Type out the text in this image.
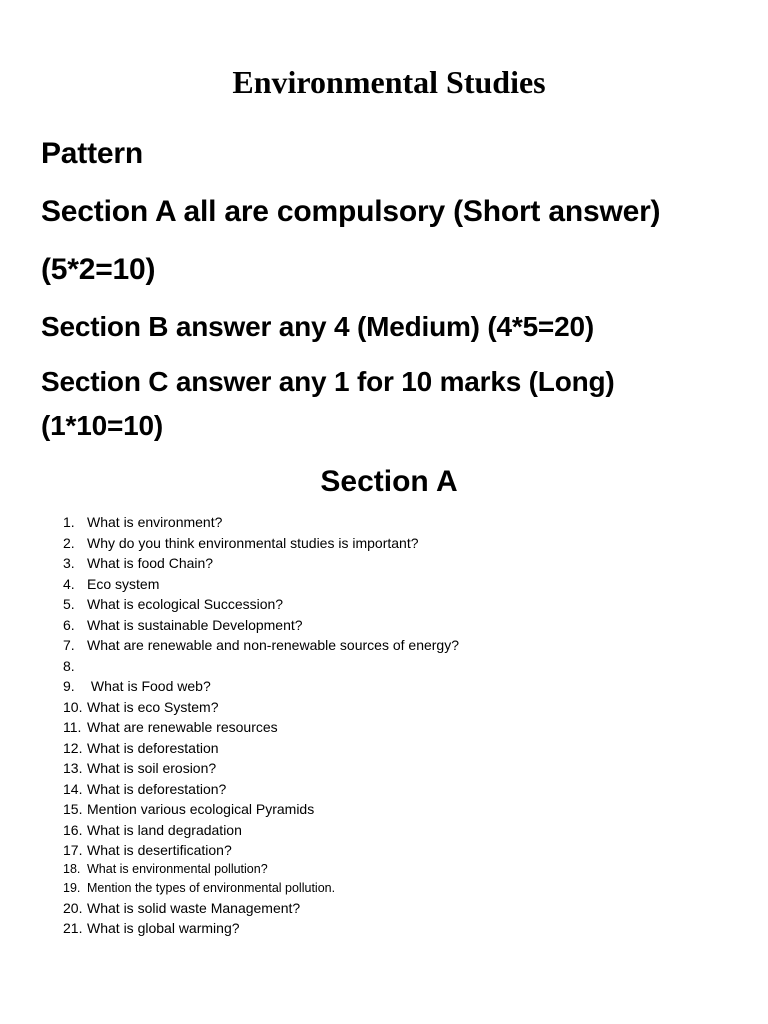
Environmental Studies
Pattern
Section A all are compulsory (Short answer)
(5*2=10)
Section B answer any 4 (Medium) (4*5=20)
Section C answer any 1 for 10 marks (Long)
(1*10=10)
Section A
1. What is environment?
2. Why do you think environmental studies is important?
3. What is food Chain?
4. Eco system
5. What is ecological Succession?
6. What is sustainable Development?
7. What are renewable and non-renewable sources of energy?
8.
9. What is Food web?
10. What is eco System?
11. What are renewable resources
12. What is deforestation
13. What is soil erosion?
14. What is deforestation?
15. Mention various ecological Pyramids
16. What is land degradation
17. What is desertification?
18. What is environmental pollution?
19. Mention the types of environmental pollution.
20. What is solid waste Management?
21. What is global warming?
